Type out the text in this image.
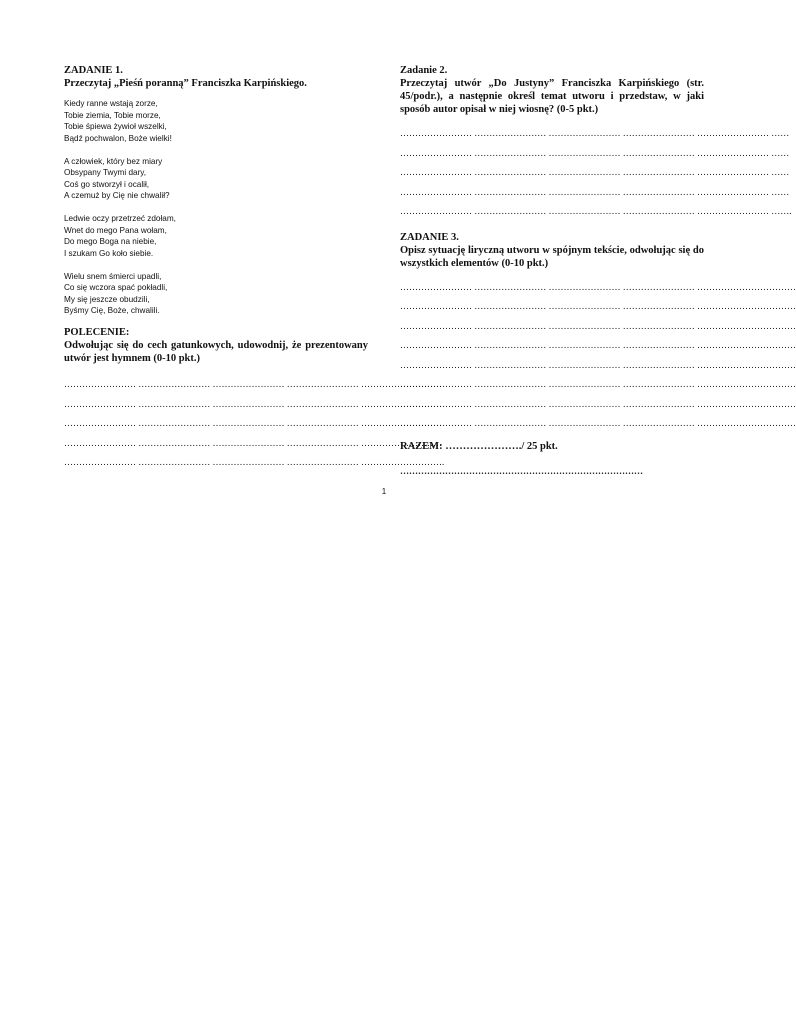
ZADANIE 1.
Przeczytaj „Pieśń poranną” Franciszka Karpińskiego.
Kiedy ranne wstają zorze,
Tobie ziemia, Tobie morze,
Tobie śpiewa żywioł wszelki,
Bądź pochwalon, Boże wielki!
A człowiek, który bez miary
Obsypany Twymi dary,
Coś go stworzył i ocalił,
A czemuż by Cię nie chwalił?
Ledwie oczy przetrzeć zdołam,
Wnet do mego Pana wołam,
Do mego Boga na niebie,
I szukam Go koło siebie.
Wielu snem śmierci upadli,
Co się wczora spać pokładli,
My się jeszcze obudzili,
Byśmy Cię, Boże, chwalili.
POLECENIE:
Odwołując się do cech gatunkowych, udowodnij, że prezentowany utwór jest hymnem (0-10 pkt.)
…………………… …………………… …………………… …………………… ………………………
…………………… …………………… …………………… …………………… ………………………
…………………… …………………… …………………… …………………… ………………………
…………………… …………………… …………………… …………………… ………………………
…………………… …………………… …………………… …………………… ……………………….
Zadanie 2.
Przeczytaj utwór „Do Justyny” Franciszka Karpińskiego (str. 45/podr.), a następnie określ temat utworu i przedstaw, w jaki sposób autor opisał w niej wiosnę? (0-5 pkt.)
…………………… …………………… …………………… …………………… …………………… ……
…………………… …………………… …………………… …………………… …………………… ……
…………………… …………………… …………………… …………………… …………………… ……
…………………… …………………… …………………… …………………… …………………… ……
…………………… …………………… …………………… …………………… …………………… …….
ZADANIE 3.
Opisz sytuację liryczną utworu w spójnym tekście, odwołując się do wszystkich elementów (0-10 pkt.)
…………………… …………………… …………………… …………………… ……………………………
…………………… …………………… …………………… …………………… ……………………………
…………………… …………………… …………………… …………………… ……………………………
…………………… …………………… …………………… …………………… ……………………………
…………………… …………………… …………………… …………………… ……………………………
…………………… …………………… …………………… …………………… ……………………………
…………………… …………………… …………………… …………………… ……………………………
…………………… …………………… …………………… …………………… ……………………………
RAZEM: …………………./ 25 pkt.
………………………………………………………………………
1
